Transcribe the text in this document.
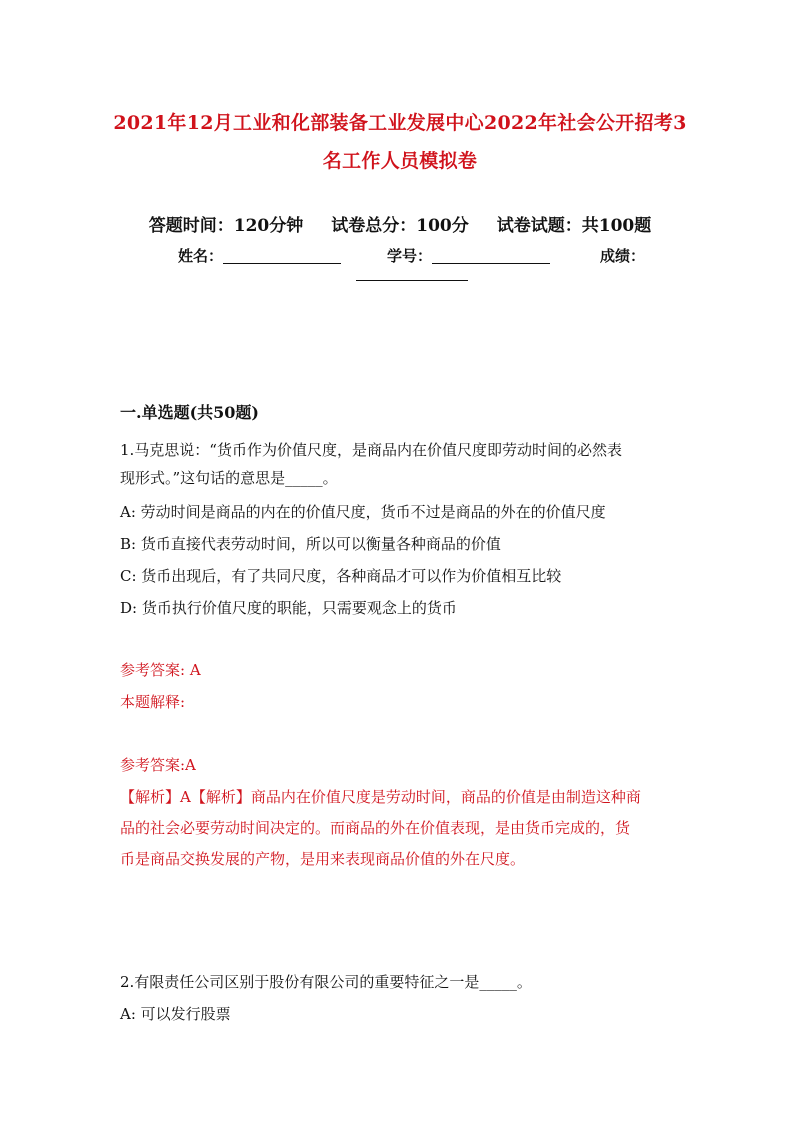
2021年12月工业和化部装备工业发展中心2022年社会公开招考3
名工作人员模拟卷
答题时间：120分钟 试卷总分：100分 试卷试题：共100题
姓名：	学号：	成绩：
一.单选题(共50题)
1.马克思说：“货币作为价值尺度，是商品内在价值尺度即劳动时间的必然表
现形式。”这句话的意思是_____。
A: 劳动时间是商品的内在的价值尺度，货币不过是商品的外在的价值尺度
B: 货币直接代表劳动时间，所以可以衡量各种商品的价值
C: 货币出现后，有了共同尺度，各种商品才可以作为价值相互比较
D: 货币执行价值尺度的职能，只需要观念上的货币
参考答案: A
本题解释:
参考答案:A
【解析】A【解析】商品内在价值尺度是劳动时间，商品的价值是由制造这种商
品的社会必要劳动时间决定的。而商品的外在价值表现，是由货币完成的，货
币是商品交换发展的产物，是用来表现商品价值的外在尺度。
2.有限责任公司区别于股份有限公司的重要特征之一是_____。
A: 可以发行股票
